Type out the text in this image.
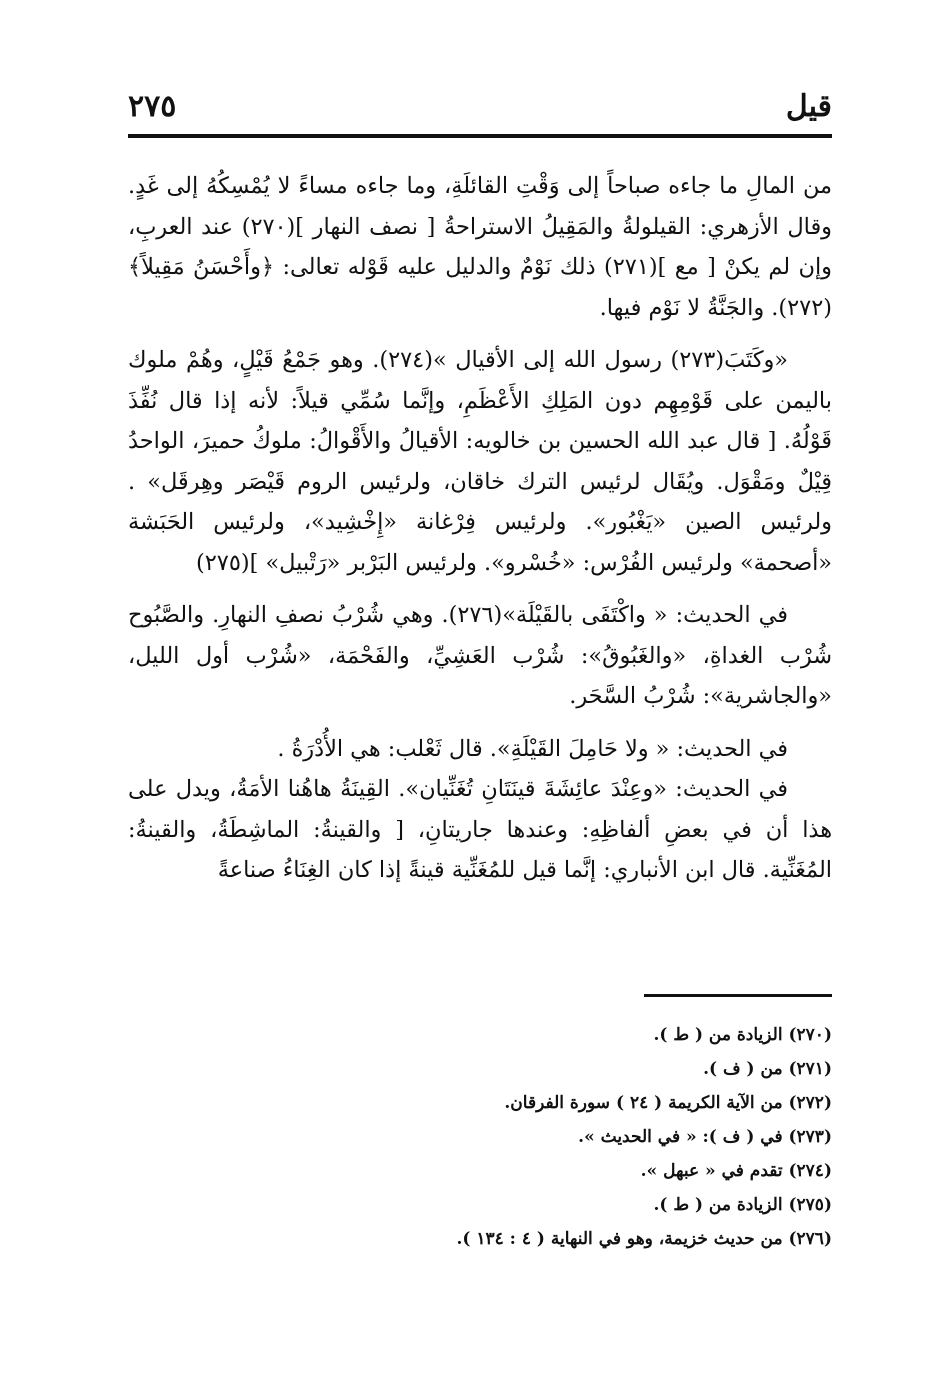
قيل
٢٧٥

من المالِ ما جاءه صباحاً إلى وَقْتِ القائلَةِ، وما جاءه مساءً لا يُمْسِكُهُ إلى غَدٍ. وقال الأزهري: القيلولةُ والمَقِيلُ الاستراحةُ [ نصف النهار ](٢٧٠) عند العربِ، وإن لم يكنْ [ مع ](٢٧١) ذلك نَوْمٌ والدليل عليه قَوْله تعالى: ﴿وأَحْسَنُ مَقِيلاً﴾(٢٧٢). والجَنَّةُ لا نَوْم فيها.

«وكَتَبَ(٢٧٣) رسول الله إلى الأقيال »(٢٧٤). وهو جَمْعُ قَيْلٍ، وهُمْ ملوك باليمن على قَوْمِهِم دون المَلِكِ الأَعْظَمِ، وإنَّما سُمِّي قيلاً: لأنه إذا قال نُفِّذَ قَوْلُهُ. [ قال عبد الله الحسين بن خالويه: الأقيالُ والأَقْوالُ: ملوكُ حميرَ، الواحدُ قِيْلٌ ومَقْوَل. ويُقَال لرئيس الترك خاقان، ولرئيس الروم قَيْصَر وهِرقَل» . ولرئيس الصين «يَغْبُور». ولرئيس فِرْغانة «إِخْشِيد»، ولرئيس الحَبَشة «أصحمة» ولرئيس الفُرْس: «خُسْرو». ولرئيس البَرْبر «رَتْبيل» ](٢٧٥)

في الحديث: « واكْتَفَى بالقَيْلَة»(٢٧٦). وهي شُرْبُ نصفِ النهارِ. والصَّبُوح شُرْب الغداةِ، «والغَبُوقُ»: شُرْب العَشِيِّ، والفَحْمَة، «شُرْب أول الليل، «والجاشرية»: شُرْبُ السَّحَر.

في الحديث: « ولا حَامِلَ القَيْلَةِ». قال ثَعْلب: هي الأُدْرَةُ .

في الحديث: «وعِنْدَ عائِشَةَ قينَتَانِ تُغَنِّيان». القِينَةُ هاهُنا الأمَةُ، ويدل على هذا أن في بعضِ ألفاظِهِ: وعندها جاريتانِ، [ والقينةُ: الماشِطَةُ، والقينةُ: المُغَنِّية. قال ابن الأنباري: إنَّما قيل للمُغَنِّية قينةً إذا كان الغِنَاءُ صناعةً

(٢٧٠) الزيادة من ( ط ).

(٢٧١) من ( ف ).

(٢٧٢) من الآية الكريمة ( ٢٤ ) سورة الفرقان.

(٢٧٣) في ( ف ): « في الحديث ».

(٢٧٤) تقدم في « عبهل ».

(٢٧٥) الزيادة من ( ط ).

(٢٧٦) من حديث خزيمة، وهو في النهاية ( ٤ : ١٣٤ ).
